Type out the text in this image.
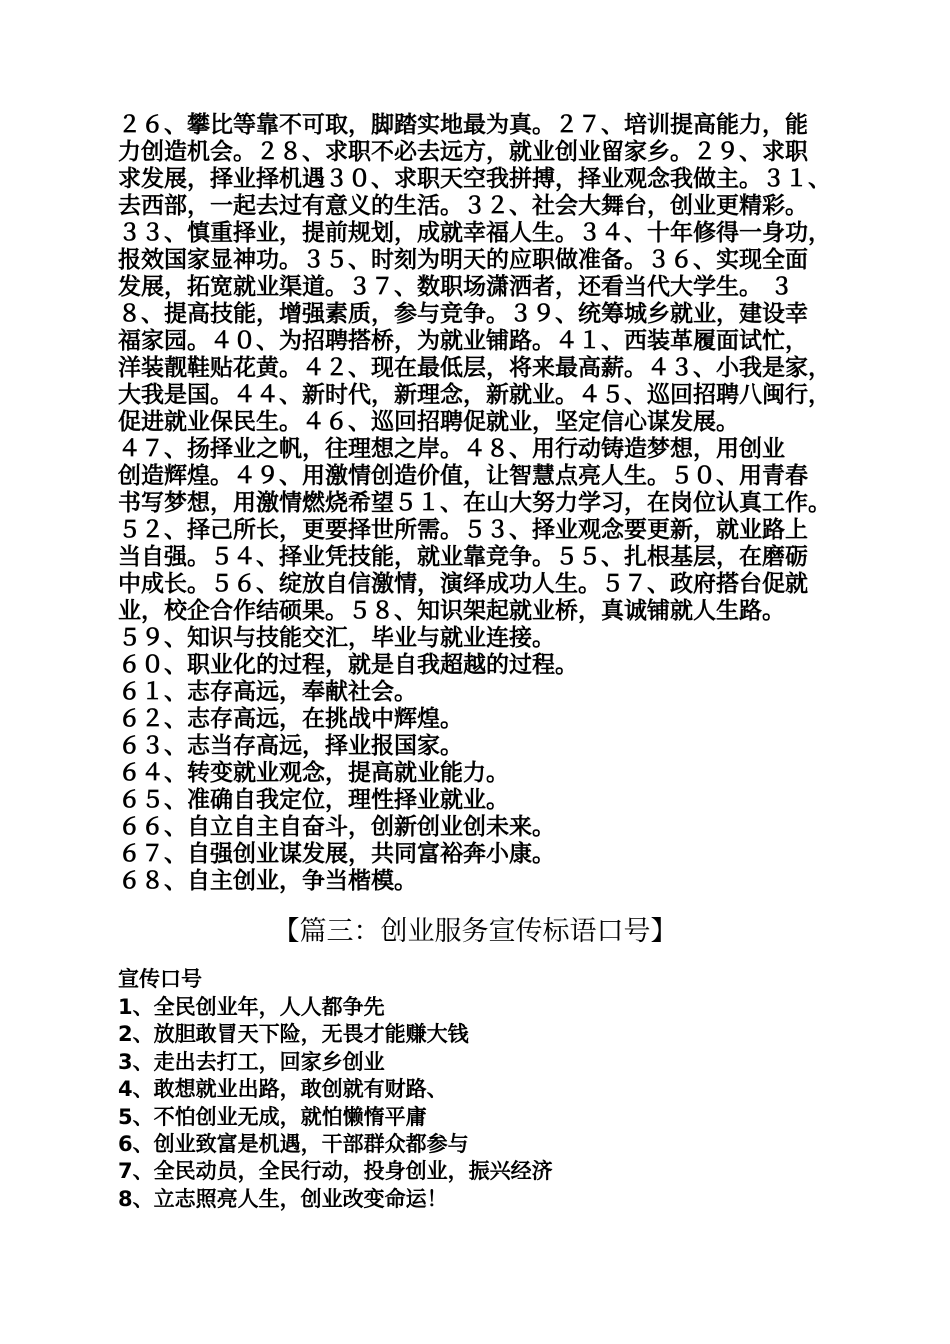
２６、攀比等靠不可取，脚踏实地最为真。２７、培训提高能力，能
力创造机会。２８、求职不必去远方，就业创业留家乡。２９、求职
求发展，择业择机遇３０、求职天空我拼搏，择业观念我做主。３１、
去西部，一起去过有意义的生活。３２、社会大舞台，创业更精彩。
３３、慎重择业，提前规划，成就幸福人生。３４、十年修得一身功，
报效国家显神功。３５、时刻为明天的应职做准备。３６、实现全面
发展，拓宽就业渠道。３７、数职场潇洒者，还看当代大学生。 ３
８、提高技能，增强素质，参与竞争。３９、统筹城乡就业，建设幸
福家园。４０、为招聘搭桥，为就业铺路。４１、西装革履面试忙，
洋装靓鞋贴花黄。４２、现在最低层，将来最高薪。４３、小我是家，
大我是国。４４、新时代，新理念，新就业。４５、巡回招聘八闽行，
促进就业保民生。４６、巡回招聘促就业，坚定信心谋发展。
４７、扬择业之帆，往理想之岸。４８、用行动铸造梦想，用创业
创造辉煌。４９、用激情创造价值，让智慧点亮人生。５０、用青春
书写梦想，用激情燃烧希望５１、在山大努力学习，在岗位认真工作。
５２、择己所长，更要择世所需。５３、择业观念要更新，就业路上
当自强。５４、择业凭技能，就业靠竞争。５５、扎根基层，在磨砺
中成长。５６、绽放自信激情，演绎成功人生。５７、政府搭台促就
业，校企合作结硕果。５８、知识架起就业桥，真诚铺就人生路。
５９、知识与技能交汇，毕业与就业连接。
６０、职业化的过程，就是自我超越的过程。
６１、志存高远，奉献社会。
６２、志存高远，在挑战中辉煌。
６３、志当存高远，择业报国家。
６４、转变就业观念，提高就业能力。
６５、准确自我定位，理性择业就业。
６６、自立自主自奋斗，创新创业创未来。
６７、自强创业谋发展，共同富裕奔小康。
６８、自主创业，争当楷模。
【篇三：创业服务宣传标语口号】
宣传口号
1、全民创业年，人人都争先
2、放胆敢冒天下险，无畏才能赚大钱
3、走出去打工，回家乡创业
4、敢想就业出路，敢创就有财路、
5、不怕创业无成，就怕懒惰平庸
6、创业致富是机遇，干部群众都参与
7、全民动员，全民行动，投身创业，振兴经济
8、立志照亮人生，创业改变命运！
